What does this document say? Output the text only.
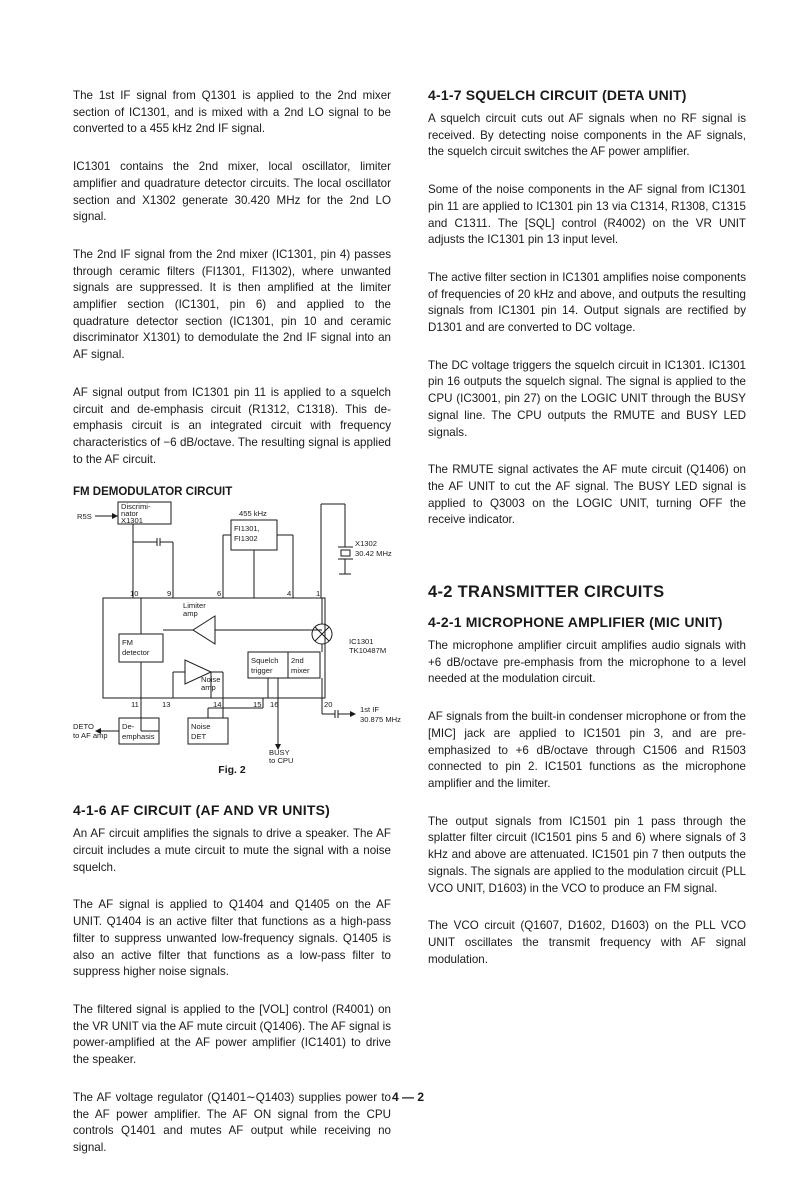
The 1st IF signal from Q1301 is applied to the 2nd mixer section of IC1301, and is mixed with a 2nd LO signal to be converted to a 455 kHz 2nd IF signal.

IC1301 contains the 2nd mixer, local oscillator, limiter amplifier and quadrature detector circuits. The local oscillator section and X1302 generate 30.420 MHz for the 2nd LO signal.

The 2nd IF signal from the 2nd mixer (IC1301, pin 4) passes through ceramic filters (FI1301, FI1302), where unwanted signals are suppressed. It is then amplified at the limiter amplifier section (IC1301, pin 6) and applied to the quadrature detector section (IC1301, pin 10 and ceramic discriminator X1301) to demodulate the 2nd IF signal into an AF signal.

AF signal output from IC1301 pin 11 is applied to a squelch circuit and de-emphasis circuit (R1312, C1318). This de-emphasis circuit is an integrated circuit with frequency characteristics of −6 dB/octave. The resulting signal is applied to the AF circuit.

FM DEMODULATOR CIRCUIT
R5S
Discrimi-
nator
X1301
455 kHz
FI1301,
FI1302
X1302
30.42 MHz
10	9	6	4	1
Limiter
amp
FM
detector
IC1301
TK10487M
Noise
amp
Squelch
trigger
2nd
mixer
11	13	14	15 16	20
1st IF
30.875 MHz
DETO
to AF amp
De-
emphasis
Noise
DET
BUSY
to CPU
Fig. 2
4-1-6 AF CIRCUIT (AF AND VR UNITS)

An AF circuit amplifies the signals to drive a speaker. The AF circuit includes a mute circuit to mute the signal with a noise squelch.

The AF signal is applied to Q1404 and Q1405 on the AF UNIT. Q1404 is an active filter that functions as a high-pass filter to suppress unwanted low-frequency signals. Q1405 is also an active filter that functions as a low-pass filter to suppress higher noise signals.

The filtered signal is applied to the [VOL] control (R4001) on the VR UNIT via the AF mute circuit (Q1406). The AF signal is power-amplified at the AF power amplifier (IC1401) to drive the speaker.

The AF voltage regulator (Q1401∼Q1403) supplies power to the AF power amplifier. The AF ON signal from the CPU controls Q1401 and mutes AF output while receiving no signal.

4-1-7 SQUELCH CIRCUIT (DETA UNIT)

A squelch circuit cuts out AF signals when no RF signal is received. By detecting noise components in the AF signals, the squelch circuit switches the AF power amplifier.

Some of the noise components in the AF signal from IC1301 pin 11 are applied to IC1301 pin 13 via C1314, R1308, C1315 and C1311. The [SQL] control (R4002) on the VR UNIT adjusts the IC1301 pin 13 input level.

The active filter section in IC1301 amplifies noise components of frequencies of 20 kHz and above, and outputs the resulting signals from IC1301 pin 14. Output signals are rectified by D1301 and are converted to DC voltage.

The DC voltage triggers the squelch circuit in IC1301. IC1301 pin 16 outputs the squelch signal. The signal is applied to the CPU (IC3001, pin 27) on the LOGIC UNIT through the BUSY signal line. The CPU outputs the RMUTE and BUSY LED signals.

The RMUTE signal activates the AF mute circuit (Q1406) on the AF UNIT to cut the AF signal. The BUSY LED signal is applied to Q3003 on the LOGIC UNIT, turning OFF the receive indicator.

4-2 TRANSMITTER CIRCUITS
4-2-1 MICROPHONE AMPLIFIER (MIC UNIT)

The microphone amplifier circuit amplifies audio signals with +6 dB/octave pre-emphasis from the microphone to a level needed at the modulation circuit.

AF signals from the built-in condenser microphone or from the [MIC] jack are applied to IC1501 pin 3, and are pre-emphasized to +6 dB/octave through C1506 and R1503 connected to pin 2. IC1501 functions as the microphone amplifier and the limiter.

The output signals from IC1501 pin 1 pass through the splatter filter circuit (IC1501 pins 5 and 6) where signals of 3 kHz and above are attenuated. IC1501 pin 7 then outputs the signals. The signals are applied to the modulation circuit (PLL VCO UNIT, D1603) in the VCO to produce an FM signal.

The VCO circuit (Q1607, D1602, D1603) on the PLL VCO UNIT oscillates the transmit frequency with AF signal modulation.

4 — 2
